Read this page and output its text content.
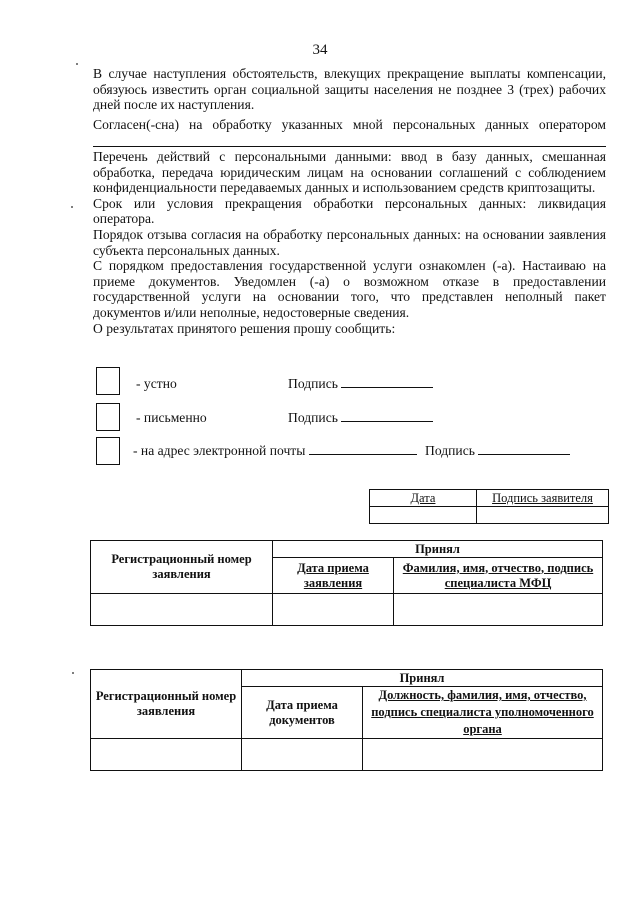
34

В случае наступления обстоятельств, влекущих прекращение выплаты компенсации, обязуюсь известить орган социальной защиты населения не позднее 3 (трех) рабочих дней после их наступления.

Согласен(-сна) на обработку указанных мной персональных данных оператором

Перечень действий с персональными данными: ввод в базу данных, смешанная обработка, передача юридическим лицам на основании соглашений с соблюдением конфиденциальности передаваемых данных и использованием средств криптозащиты.

Срок или условия прекращения обработки персональных данных: ликвидация оператора.

Порядок отзыва согласия на обработку персональных данных: на основании заявления субъекта персональных данных.

С порядком предоставления государственной услуги ознакомлен (-а). Настаиваю на приеме документов. Уведомлен (-а) о возможном отказе в предоставлении государственной услуги на основании того, что представлен неполный пакет документов и/или неполные, недостоверные сведения.

О результатах принятого решения прошу сообщить:

- устно	Подпись
- письменно	Подпись
- на адрес электронной почты	Подпись
Дата	Подпись заявителя

Регистрационный номер заявления	Принял	
	Дата приема заявления	Фамилия, имя, отчество, подпись специалиста МФЦ

Регистрационный номер заявления	Принял	
	Дата приема документов	Должность, фамилия, имя, отчество, подпись специалиста уполномоченного органа
